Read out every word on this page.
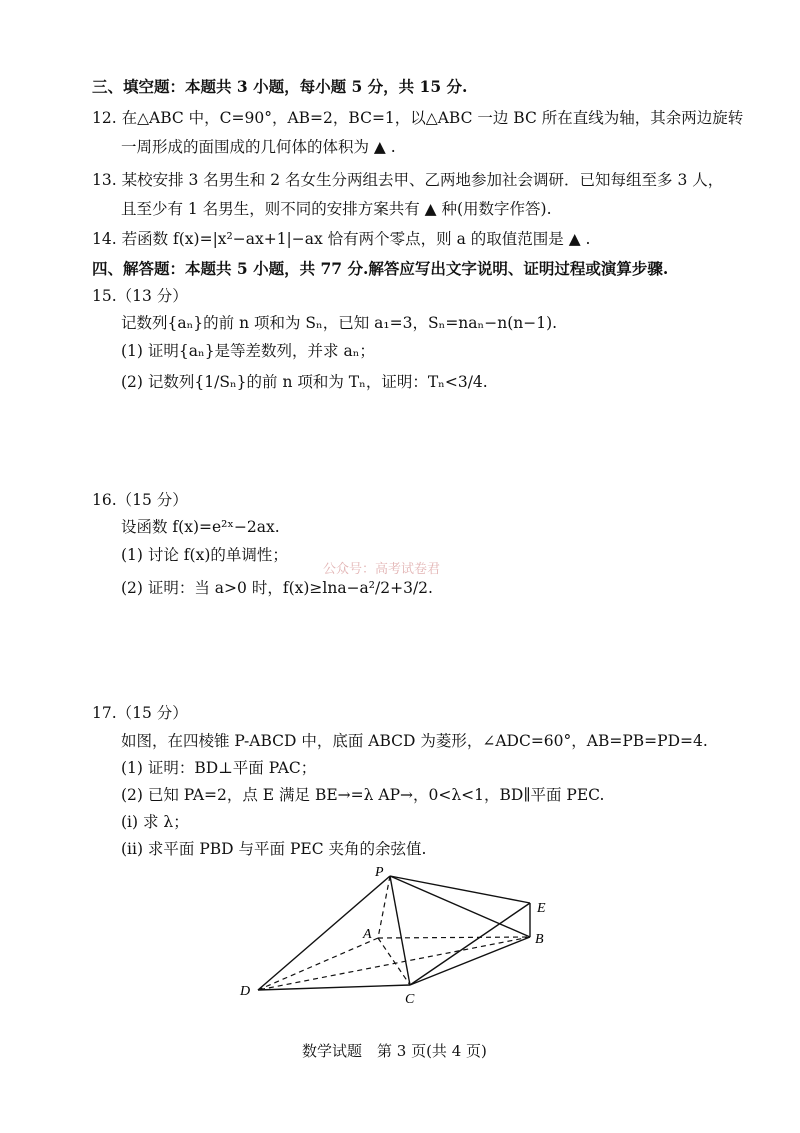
三、填空题：本题共 3 小题，每小题 5 分，共 15 分.
12. 在△ABC 中，C=90°，AB=2，BC=1，以△ABC 一边 BC 所在直线为轴，其余两边旋转
一周形成的面围成的几何体的体积为 ▲ .
13. 某校安排 3 名男生和 2 名女生分两组去甲、乙两地参加社会调研．已知每组至多 3 人，
且至少有 1 名男生，则不同的安排方案共有 ▲ 种(用数字作答).
14. 若函数 f(x)=|x²−ax+1|−ax 恰有两个零点，则 a 的取值范围是 ▲ .
四、解答题：本题共 5 小题，共 77 分.解答应写出文字说明、证明过程或演算步骤.
15.（13 分）
记数列{aₙ}的前 n 项和为 Sₙ，已知 a₁=3，Sₙ=naₙ−n(n−1).
(1) 证明{aₙ}是等差数列，并求 aₙ；
(2) 记数列{1/Sₙ}的前 n 项和为 Tₙ，证明：Tₙ<3/4.
16.（15 分）
设函数 f(x)=e²ˣ−2ax.
(1) 讨论 f(x)的单调性；
公众号：高考试卷君
(2) 证明：当 a>0 时，f(x)≥lna−a²/2+3/2.
17.（15 分）
如图，在四棱锥 P-ABCD 中，底面 ABCD 为菱形，∠ADC=60°，AB=PB=PD=4.
(1) 证明：BD⊥平面 PAC；
(2) 已知 PA=2，点 E 满足 BE→=λ AP→，0<λ<1，BD∥平面 PEC.
(i) 求 λ；
(ii) 求平面 PBD 与平面 PEC 夹角的余弦值.
P
E
A	B
D
C
数学试题　第 3 页(共 4 页)
